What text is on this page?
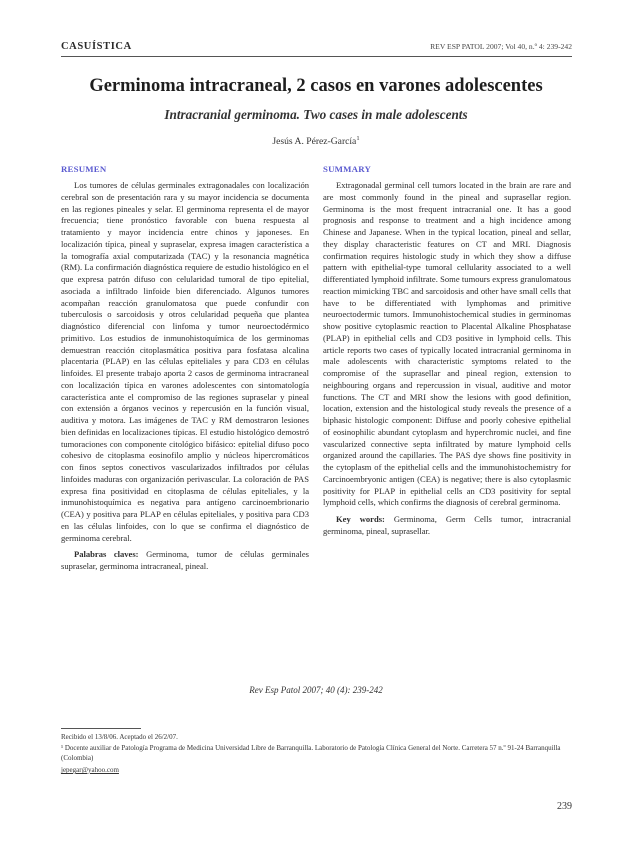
CASUÍSTICA	REV ESP PATOL 2007; Vol 40, n.º 4: 239-242
Germinoma intracraneal, 2 casos en varones adolescentes
Intracranial germinoma. Two cases in male adolescents
Jesús A. Pérez-García$^1$
RESUMEN

Los tumores de células germinales extragonadales con localización cerebral son de presentación rara y su mayor incidencia se documenta en las regiones pineales y selar. El germinoma representa el de mayor frecuencia; tiene pronóstico favorable con buena respuesta al tratamiento y mayor incidencia entre chinos y japoneses. En localización típica, pineal y supraselar, expresa imagen característica a la tomografía axial computarizada (TAC) y la resonancia magnética (RM). La confirmación diagnóstica requiere de estudio histológico en el que expresa patrón difuso con celularidad tumoral de tipo epitelial, asociada a infiltrado linfoide bien diferenciado. Algunos tumores acompañan reacción granulomatosa que puede confundir con tuberculosis o sarcoidosis y otros celularidad pequeña que plantea diagnóstico diferencial con linfoma y tumor neuroectodérmico primitivo. Los estudios de inmunohistoquímica de los germinomas demuestran reacción citoplasmática positiva para fosfatasa alcalina placentaria (PLAP) en las células epiteliales y para CD3 en células linfoides. El presente trabajo aporta 2 casos de germinoma intracraneal con localización típica en varones adolescentes con sintomatología característica ante el compromiso de las regiones supraselar y pineal con extensión a órganos vecinos y repercusión en la función visual, auditiva y motora. Las imágenes de TAC y RM demostraron lesiones bien definidas en localizaciones típicas. El estudio histológico demostró tumoraciones con componente citológico bifásico: epitelial difuso poco cohesivo de citoplasma eosinofilo amplio y núcleos hipercromáticos con finos septos conectivos vascularizados infiltrados por células linfoides maduras con organización perivascular. La coloración de PAS expresa fina positividad en citoplasma de células epiteliales, y la inmunohistoquímica es negativa para antígeno carcinoembrionario (CEA) y positiva para PLAP en células epiteliales, y positiva para CD3 en las células linfoides, con lo que se confirma el diagnóstico de germinoma cerebral.

Palabras claves: Germinoma, tumor de células germinales supraselar, germinoma intracraneal, pineal.

SUMMARY

Extragonadal germinal cell tumors located in the brain are rare and are most commonly found in the pineal and suprasellar region. Germinoma is the most frequent intracranial one. It has a good prognosis and response to treatment and a high incidence among Chinese and Japanese. When in the typical location, pineal and sellar, they display characteristic features on CT and MRI. Diagnosis confirmation requires histologic study in which they show a diffuse pattern with epithelial-type tumoral cellularity associated to a well differentiated lymphoid infiltrate. Some tumours express granulomatous reaction mimicking TBC and sarcoidosis and other have small cells that have to be differentiated with lymphomas and primitive neuroectodermic tumors. Immunohistochemical studies in germinomas show positive cytoplasmic reaction to Placental Alkaline Phosphatase (PLAP) in epithelial cells and CD3 positive in lymphoid cells. This article reports two cases of typically located intracranial germinoma in male adolescents with characteristic symptoms related to the compromise of the suprasellar and pineal region, extension to neighbouring organs and repercussion in visual, auditive and motor functions. The CT and MRI show the lesions with good definition, location, extension and the histological study reveals the presence of a biphasic histologic component: Diffuse and poorly cohesive epithelial of eosinophilic abundant cytoplasm and hyperchromic nuclei, and fine vascularized connective septa infiltrated by mature lymphoid cells organized around the capillaries. The PAS dye shows fine positivity in the cytoplasm of the epithelial cells and the immunohistochemistry for Carcinoembryonic antigen (CEA) is negative; there is also cytoplasmic positivity for PLAP in epithelial cells an CD3 positivity for septal lymphoid cells, which confirms the diagnosis of cerebral germinoma.

Key words: Germinoma, Germ Cells tumor, intracranial germinoma, pineal, suprasellar.

Rev Esp Patol 2007; 40 (4): 239-242
Recibido el 13/8/06. Aceptado el 26/2/07.
¹ Docente auxiliar de Patología Programa de Medicina Universidad Libre de Barranquilla. Laboratorio de Patología Clínica General del Norte. Carretera 57 n.º 91-24 Barranquilla (Colombia)
jepegar@yahoo.com
239
